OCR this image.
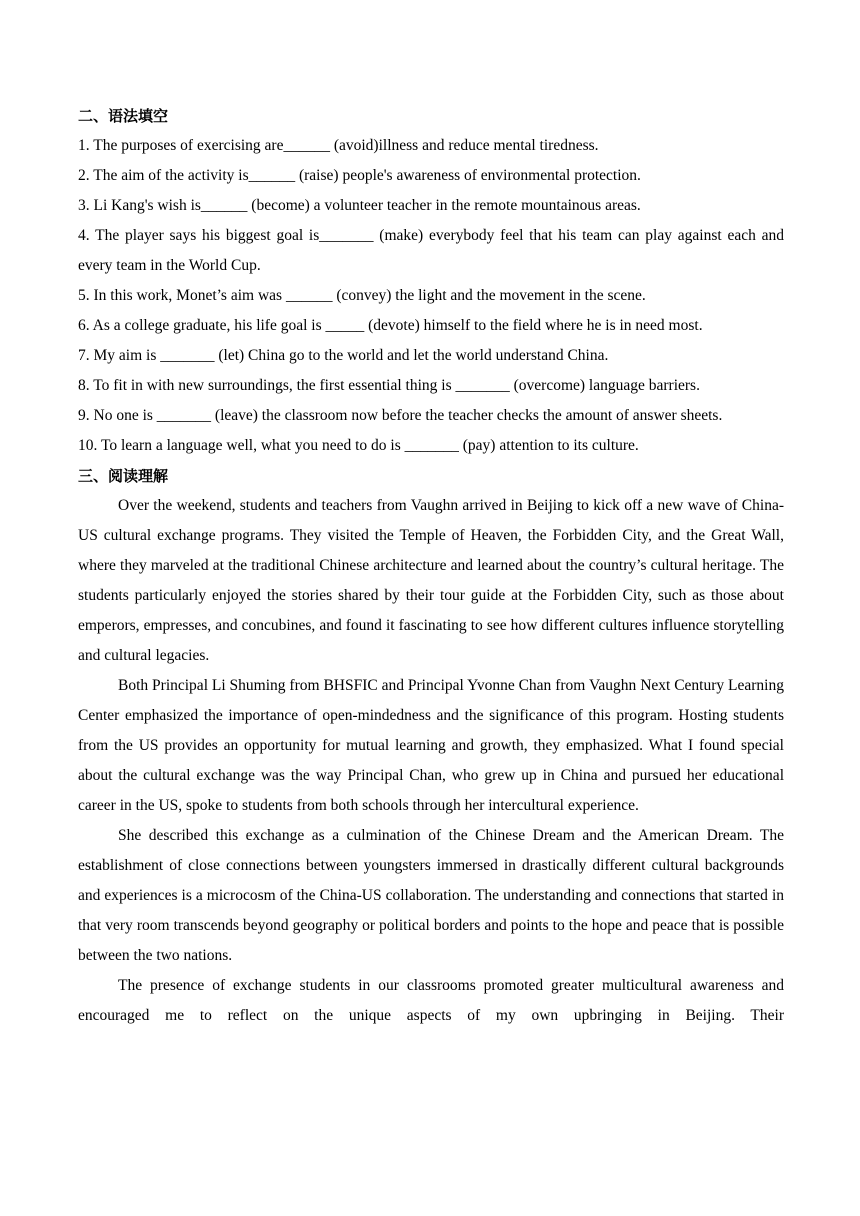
二、语法填空
1. The purposes of exercising are______ (avoid)illness and reduce mental tiredness.
2. The aim of the activity is______ (raise) people's awareness of environmental protection.
3. Li Kang's wish is______ (become) a volunteer teacher in the remote mountainous areas.
4. The player says his biggest goal is_______ (make) everybody feel that his team can play against each and every team in the World Cup.
5. In this work, Monet’s aim was ______ (convey) the light and the movement in the scene.
6. As a college graduate, his life goal is _____ (devote) himself to the field where he is in need most.
7. My aim is _______ (let) China go to the world and let the world understand China.
8. To fit in with new surroundings, the first essential thing is _______ (overcome) language barriers.
9. No one is _______ (leave) the classroom now before the teacher checks the amount of answer sheets.
10. To learn a language well, what you need to do is _______ (pay) attention to its culture.
三、阅读理解

Over the weekend, students and teachers from Vaughn arrived in Beijing to kick off a new wave of China-US cultural exchange programs. They visited the Temple of Heaven, the Forbidden City, and the Great Wall, where they marveled at the traditional Chinese architecture and learned about the country’s cultural heritage. The students particularly enjoyed the stories shared by their tour guide at the Forbidden City, such as those about emperors, empresses, and concubines, and found it fascinating to see how different cultures influence storytelling and cultural legacies.

Both Principal Li Shuming from BHSFIC and Principal Yvonne Chan from Vaughn Next Century Learning Center emphasized the importance of open-mindedness and the significance of this program. Hosting students from the US provides an opportunity for mutual learning and growth, they emphasized. What I found special about the cultural exchange was the way Principal Chan, who grew up in China and pursued her educational career in the US, spoke to students from both schools through her intercultural experience.

She described this exchange as a culmination of the Chinese Dream and the American Dream. The establishment of close connections between youngsters immersed in drastically different cultural backgrounds and experiences is a microcosm of the China-US collaboration. The understanding and connections that started in that very room transcends beyond geography or political borders and points to the hope and peace that is possible between the two nations.

The presence of exchange students in our classrooms promoted greater multicultural awareness and encouraged me to reflect on the unique aspects of my own upbringing in Beijing. Their
